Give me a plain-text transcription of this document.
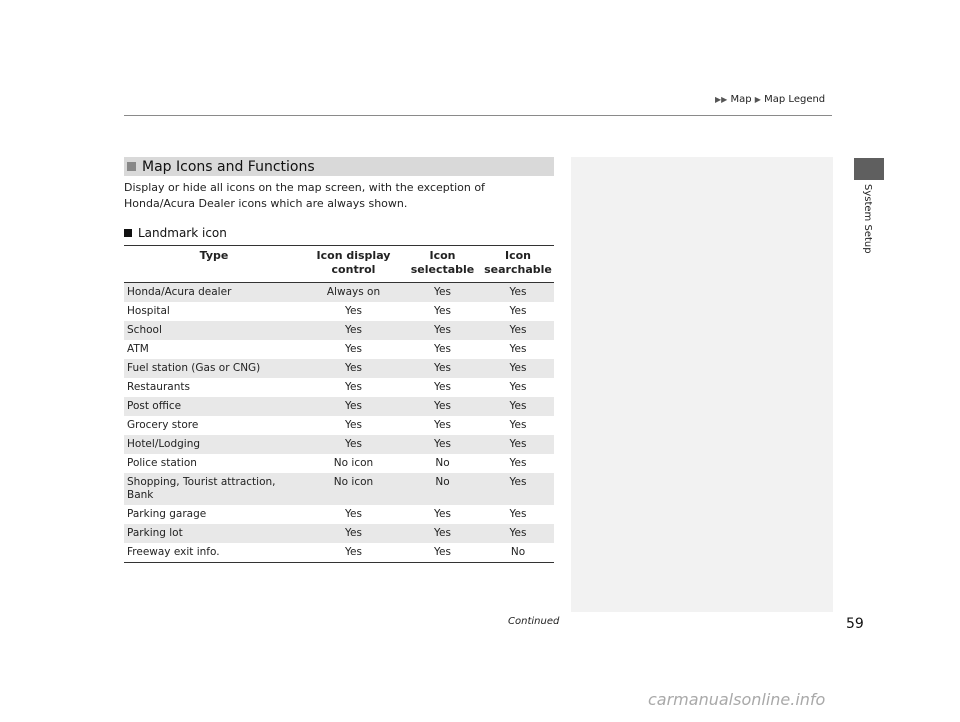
▶▶ Map ▶ Map Legend
System Setup
Map Icons and Functions
Display or hide all icons on the map screen, with the exception of Honda/Acura Dealer icons which are always shown.
Landmark icon
Type	Icon display control	Icon selectable	Icon searchable
Honda/Acura dealer	Always on	Yes	Yes
Hospital	Yes	Yes	Yes
School	Yes	Yes	Yes
ATM	Yes	Yes	Yes
Fuel station (Gas or CNG)	Yes	Yes	Yes
Restaurants	Yes	Yes	Yes
Post office	Yes	Yes	Yes
Grocery store	Yes	Yes	Yes
Hotel/Lodging	Yes	Yes	Yes
Police station	No icon	No	Yes
Shopping, Tourist attraction, Bank	No icon	No	Yes
Parking garage	Yes	Yes	Yes
Parking lot	Yes	Yes	Yes
Freeway exit info.	Yes	Yes	No
Continued	59
carmanualsonline.info
